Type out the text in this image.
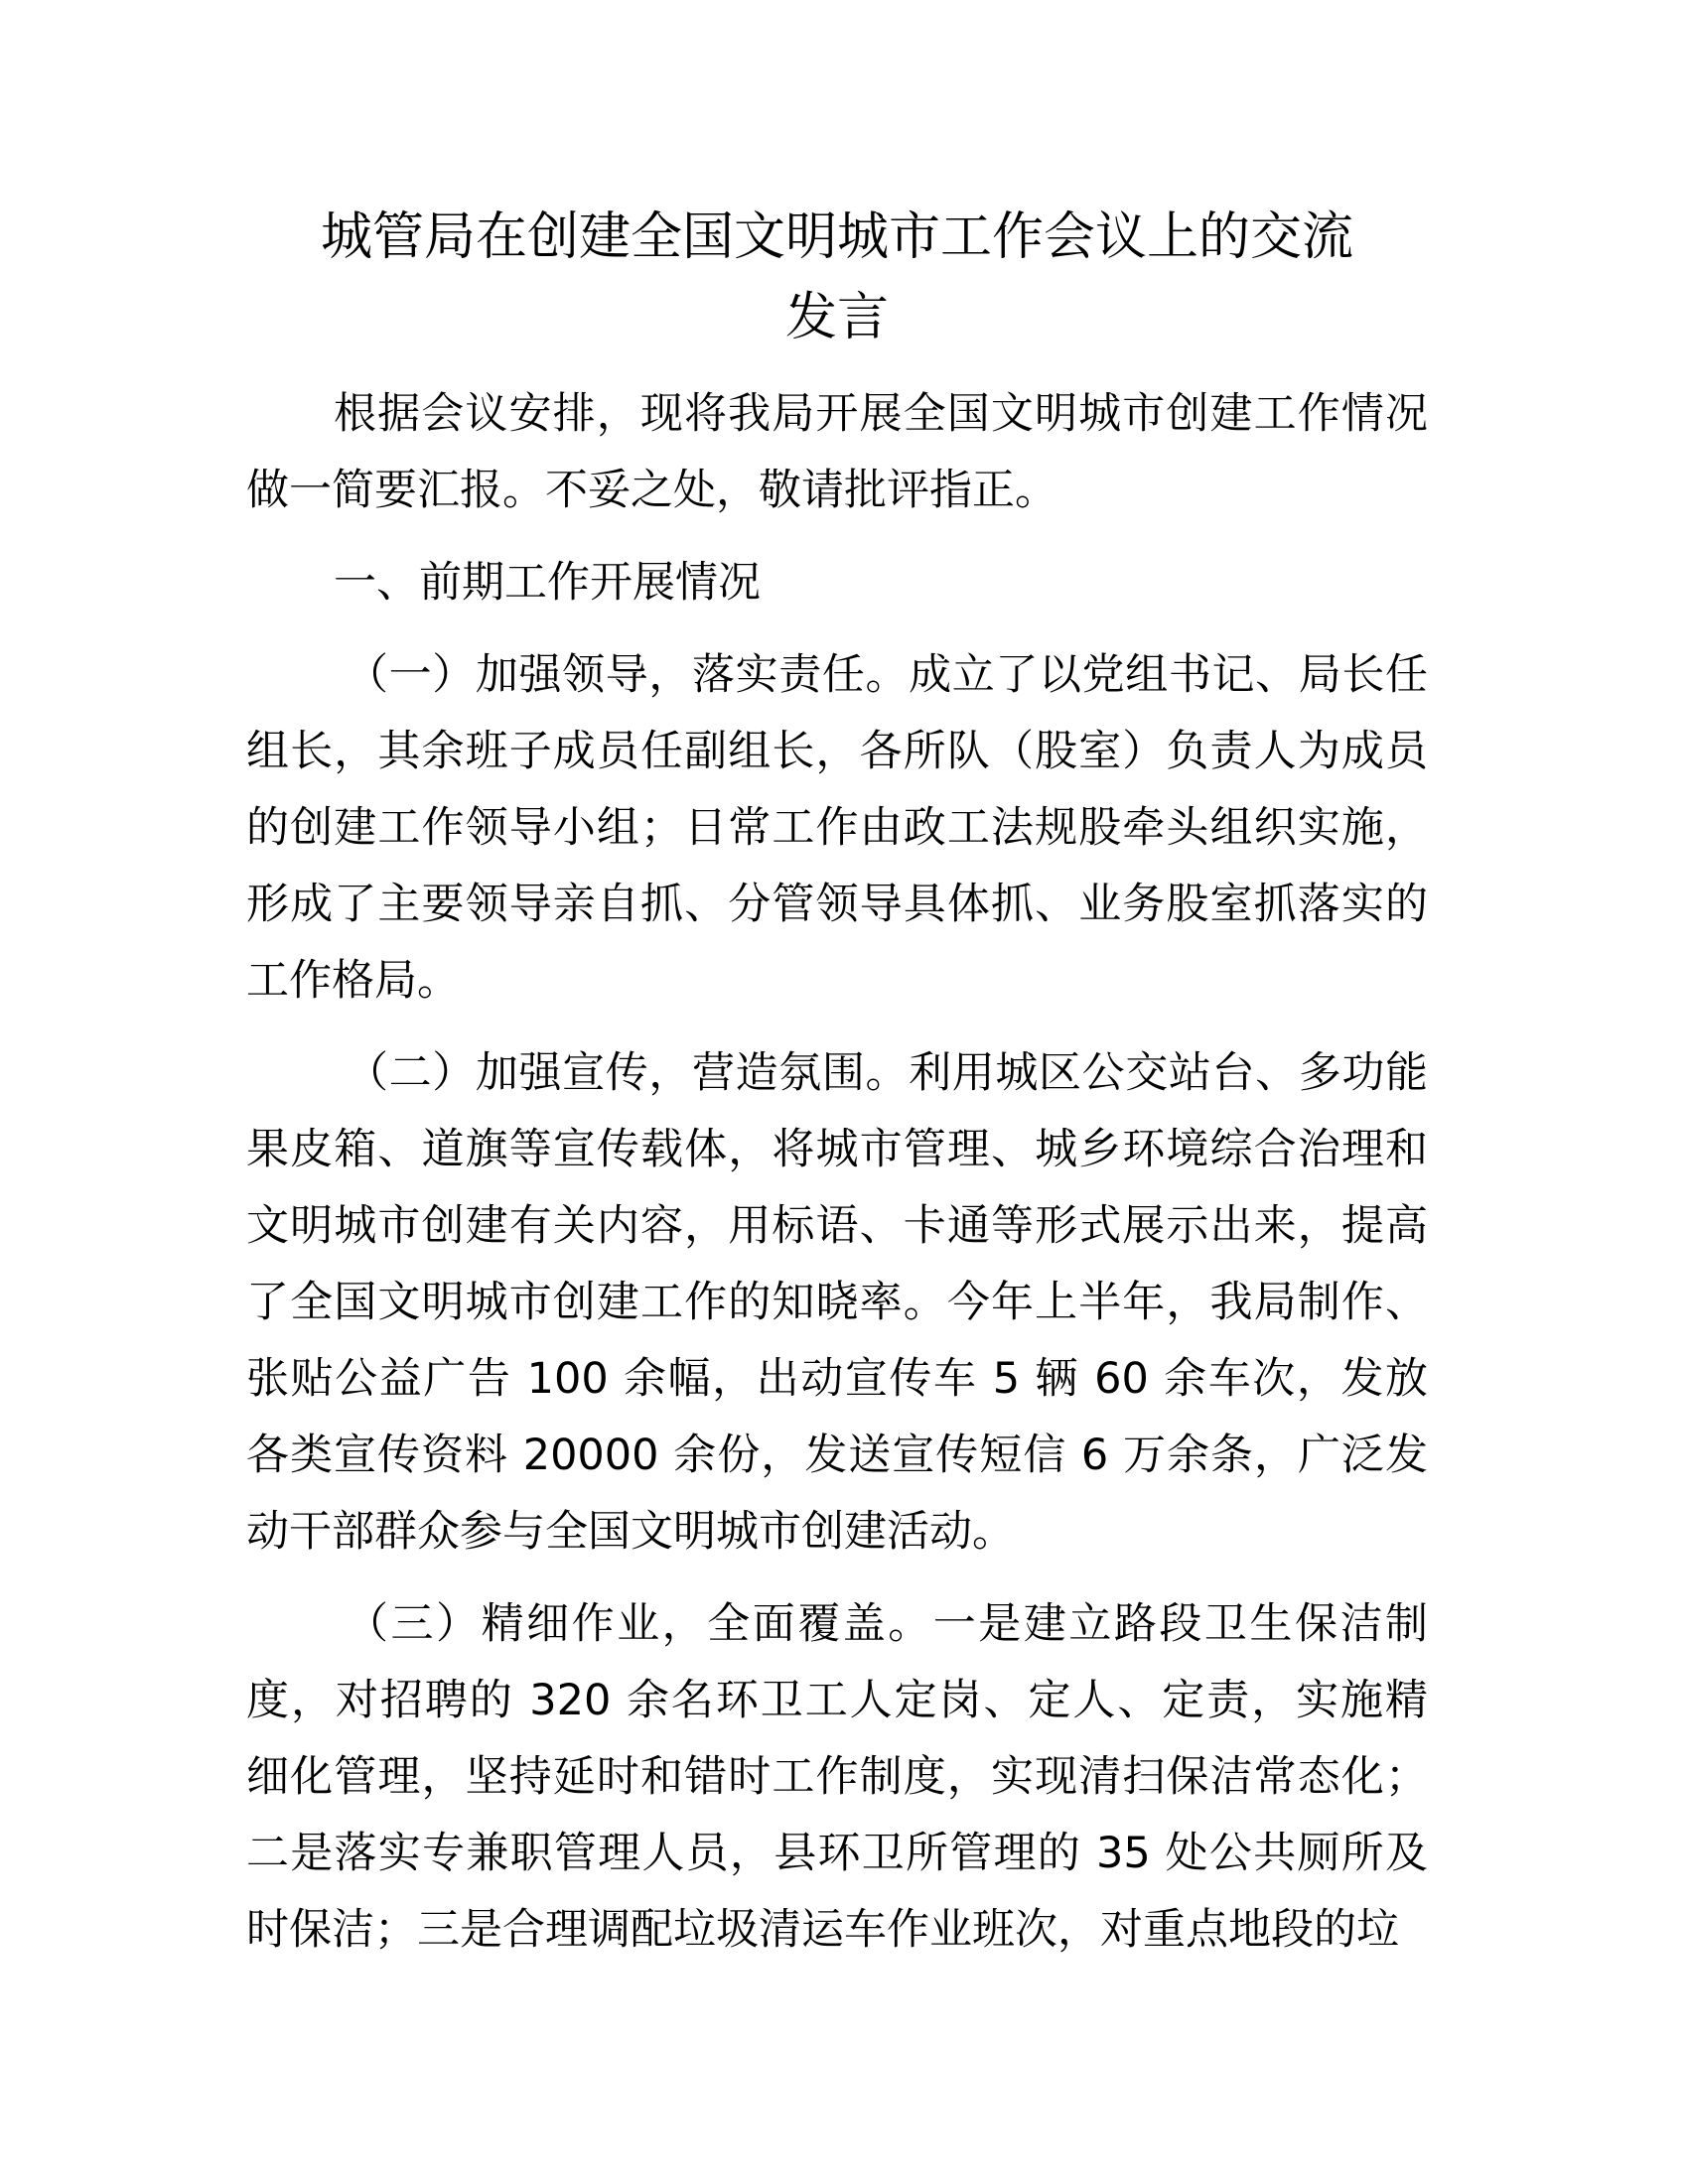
城管局在创建全国文明城市工作会议上的交流
发言
根据会议安排，现将我局开展全国文明城市创建工作情况
做一简要汇报。不妥之处，敬请批评指正。
一、前期工作开展情况
（一）加强领导，落实责任。成立了以党组书记、局长任
组长，其余班子成员任副组长，各所队（股室）负责人为成员
的创建工作领导小组；日常工作由政工法规股牵头组织实施，
形成了主要领导亲自抓、分管领导具体抓、业务股室抓落实的
工作格局。
（二）加强宣传，营造氛围。利用城区公交站台、多功能
果皮箱、道旗等宣传载体，将城市管理、城乡环境综合治理和
文明城市创建有关内容，用标语、卡通等形式展示出来，提高
了全国文明城市创建工作的知晓率。今年上半年，我局制作、
张贴公益广告 100 余幅，出动宣传车 5 辆 60 余车次，发放
各类宣传资料 20000 余份，发送宣传短信 6 万余条，广泛发
动干部群众参与全国文明城市创建活动。
（三）精细作业，全面覆盖。一是建立路段卫生保洁制
度，对招聘的 320 余名环卫工人定岗、定人、定责，实施精
细化管理，坚持延时和错时工作制度，实现清扫保洁常态化；
二是落实专兼职管理人员，县环卫所管理的 35 处公共厕所及
时保洁；三是合理调配垃圾清运车作业班次，对重点地段的垃
